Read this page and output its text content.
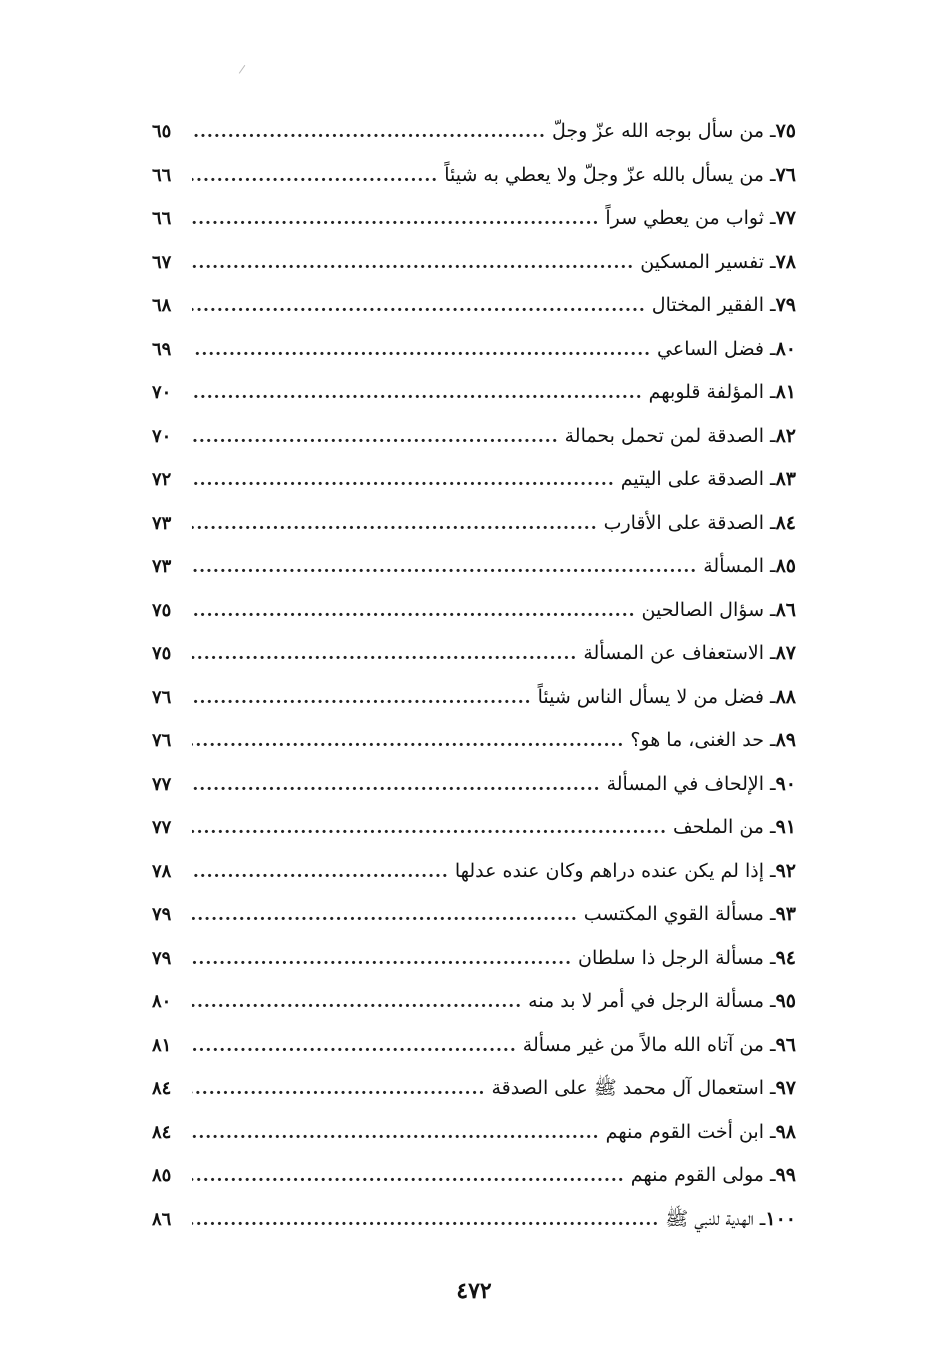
٧٥
ـ
من سأل بوجه الله عزّ وجلّ
.....
٦٥
٧٦
ـ
من يسأل بالله عزّ وجلّ ولا يعطي به شيئاً
.....
٦٦
٧٧
ـ
ثواب من يعطي سراً
.....
٦٦
٧٨
ـ
تفسير المسكين
.....
٦٧
٧٩
ـ
الفقير المختال
.....
٦٨
٨٠
ـ
فضل الساعي
.....
٦٩
٨١
ـ
المؤلفة قلوبهم
.....
٧٠
٨٢
ـ
الصدقة لمن تحمل بحمالة
.....
٧٠
٨٣
ـ
الصدقة على اليتيم
.....
٧٢
٨٤
ـ
الصدقة على الأقارب
.....
٧٣
٨٥
ـ
المسألة
.....
٧٣
٨٦
ـ
سؤال الصالحين
.....
٧٥
٨٧
ـ
الاستعفاف عن المسألة
.....
٧٥
٨٨
ـ
فضل من لا يسأل الناس شيئاً
.....
٧٦
٨٩
ـ
حد الغنى، ما هو؟
.....
٧٦
٩٠
ـ
الإلحاف في المسألة
.....
٧٧
٩١
ـ
من الملحف
.....
٧٧
٩٢
ـ
إذا لم يكن عنده دراهم وكان عنده عدلها
.....
٧٨
٩٣
ـ
مسألة القوي المكتسب
.....
٧٩
٩٤
ـ
مسألة الرجل ذا سلطان
.....
٧٩
٩٥
ـ
مسألة الرجل في أمر لا بد منه
.....
٨٠
٩٦
ـ
من آتاه الله مالاً من غير مسألة
.....
٨١
٩٧
ـ
استعمال آل محمد ﷺ على الصدقة
.....
٨٤
٩٨
ـ
ابن أخت القوم منهم
.....
٨٤
٩٩
ـ
مولى القوم منهم
.....
٨٥
١٠٠
ـ
الهدية للنبي ﷺ
.....
٨٦
٤٧٢
